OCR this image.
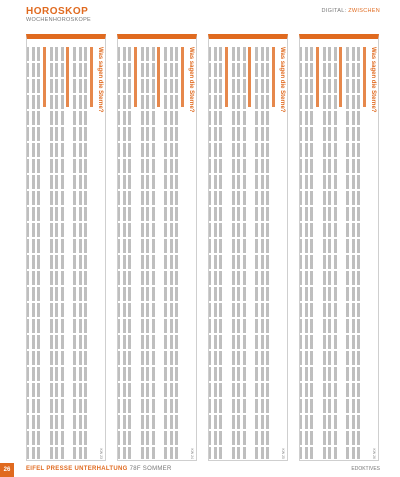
HOROSKOP
WOCHENHOROSKOPE
DIGITAL: ZWISCHEN
Was sagen die Sterne?
KW 23
Was sagen die Sterne?
KW 24
Was sagen die Sterne?
KW 25
Was sagen die Sterne?
KW 26
26	EIFEL PRESSE UNTERHALTUNG 78F SOMMER	EDOKTIVES
